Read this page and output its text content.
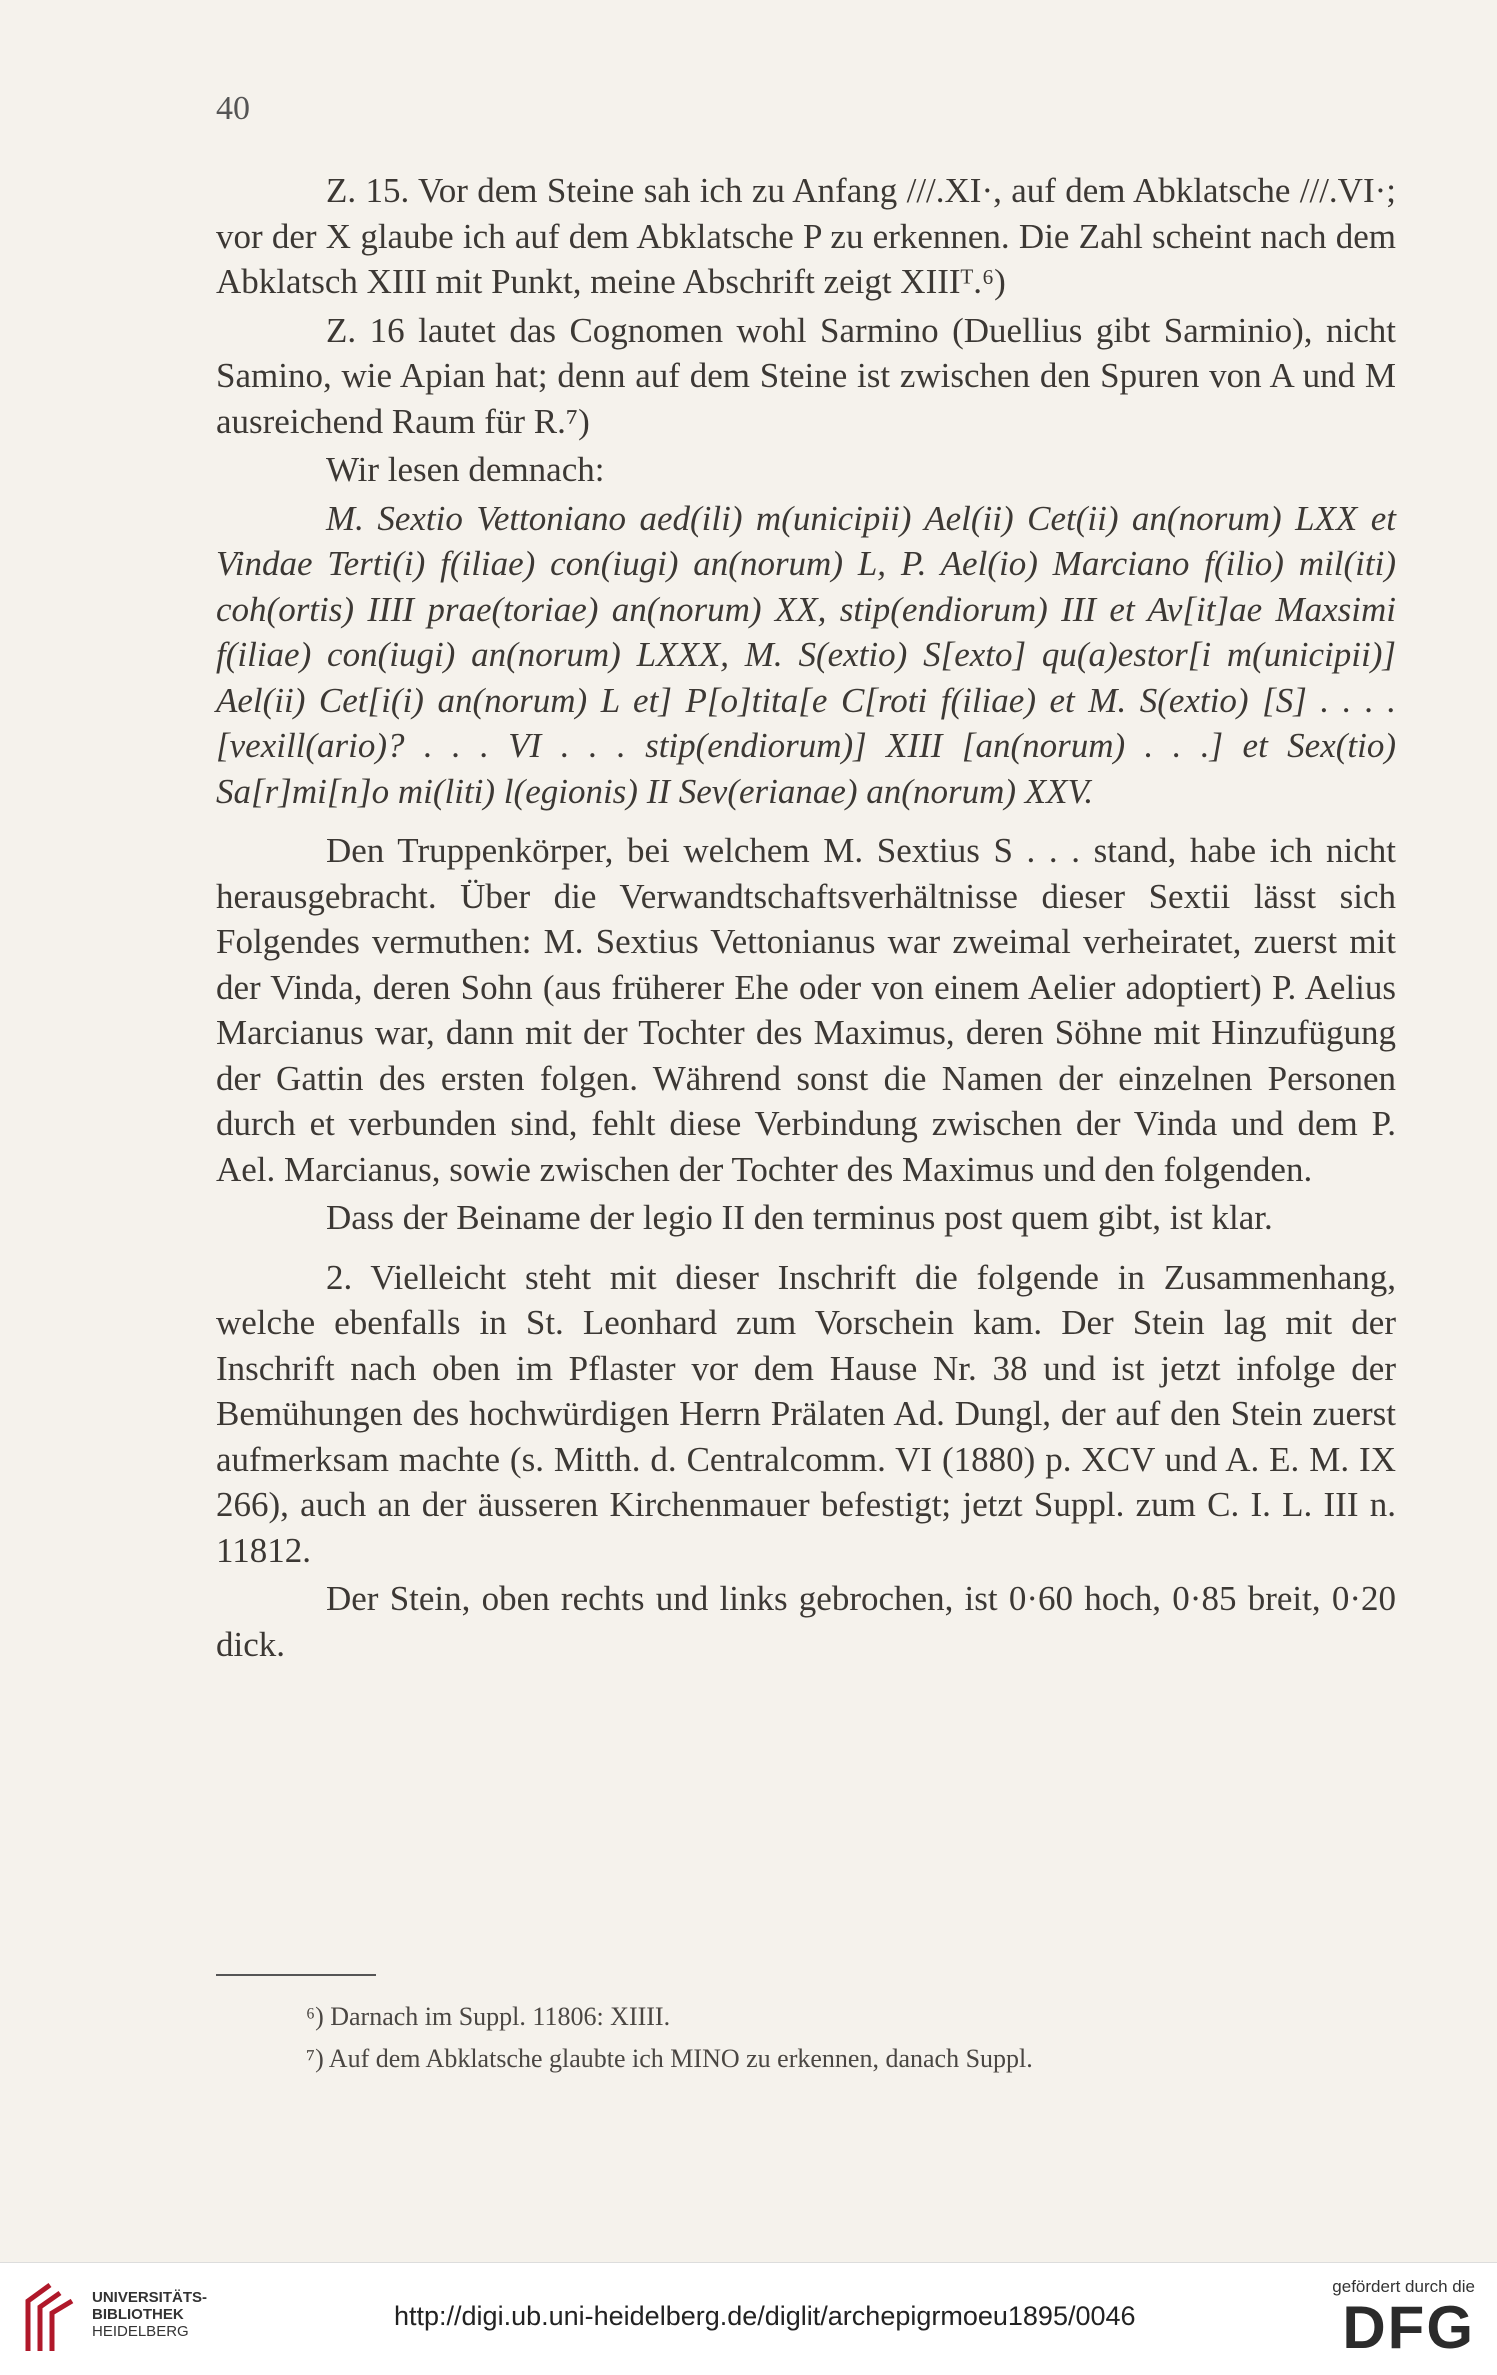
40

Z. 15. Vor dem Steine sah ich zu Anfang ///.XI·, auf dem Abklatsche ///.VI·; vor der X glaube ich auf dem Abklatsche P zu erkennen. Die Zahl scheint nach dem Abklatsch XIII mit Punkt, meine Abschrift zeigt XIIIᵀ.⁶)

Z. 16 lautet das Cognomen wohl Sarmino (Duellius gibt Sarminio), nicht Samino, wie Apian hat; denn auf dem Steine ist zwischen den Spuren von A und M ausreichend Raum für R.⁷)

Wir lesen demnach:

M. Sextio Vettoniano aed(ili) m(unicipii) Ael(ii) Cet(ii) an(norum) LXX et Vindae Terti(i) f(iliae) con(iugi) an(norum) L, P. Ael(io) Marciano f(ilio) mil(iti) coh(ortis) IIII prae(toriae) an(norum) XX, stip(endiorum) III et Av[it]ae Maxsimi f(iliae) con(iugi) an(norum) LXXX, M. S(extio) S[exto] qu(a)estor[i m(unicipii)] Ael(ii) Cet[i(i) an(norum) L et] P[o]tita[e C[roti f(iliae) et M. S(extio) [S] . . . . [vexill(ario)? . . . VI . . . stip(endiorum)] XIII [an(norum) . . .] et Sex(tio) Sa[r]mi[n]o mi(liti) l(egionis) II Sev(erianae) an(norum) XXV.

Den Truppenkörper, bei welchem M. Sextius S . . . stand, habe ich nicht herausgebracht. Über die Verwandtschaftsverhältnisse dieser Sextii lässt sich Folgendes vermuthen: M. Sextius Vettonianus war zweimal verheiratet, zuerst mit der Vinda, deren Sohn (aus früherer Ehe oder von einem Aelier adoptiert) P. Aelius Marcianus war, dann mit der Tochter des Maximus, deren Söhne mit Hinzufügung der Gattin des ersten folgen. Während sonst die Namen der einzelnen Personen durch et verbunden sind, fehlt diese Verbindung zwischen der Vinda und dem P. Ael. Marcianus, sowie zwischen der Tochter des Maximus und den folgenden.

Dass der Beiname der legio II den terminus post quem gibt, ist klar.

2. Vielleicht steht mit dieser Inschrift die folgende in Zusammenhang, welche ebenfalls in St. Leonhard zum Vorschein kam. Der Stein lag mit der Inschrift nach oben im Pflaster vor dem Hause Nr. 38 und ist jetzt infolge der Bemühungen des hochwürdigen Herrn Prälaten Ad. Dungl, der auf den Stein zuerst aufmerksam machte (s. Mitth. d. Centralcomm. VI (1880) p. XCV und A. E. M. IX 266), auch an der äusseren Kirchenmauer befestigt; jetzt Suppl. zum C. I. L. III n. 11812.

Der Stein, oben rechts und links gebrochen, ist 0·60 hoch, 0·85 breit, 0·20 dick.

⁶) Darnach im Suppl. 11806: XIIII.

⁷) Auf dem Abklatsche glaubte ich MINO zu erkennen, danach Suppl.

UNIVERSITÄTS-
BIBLIOTHEK
HEIDELBERG
http://digi.ub.uni-heidelberg.de/diglit/archepigrmoeu1895/0046
gefördert durch die
DFG
